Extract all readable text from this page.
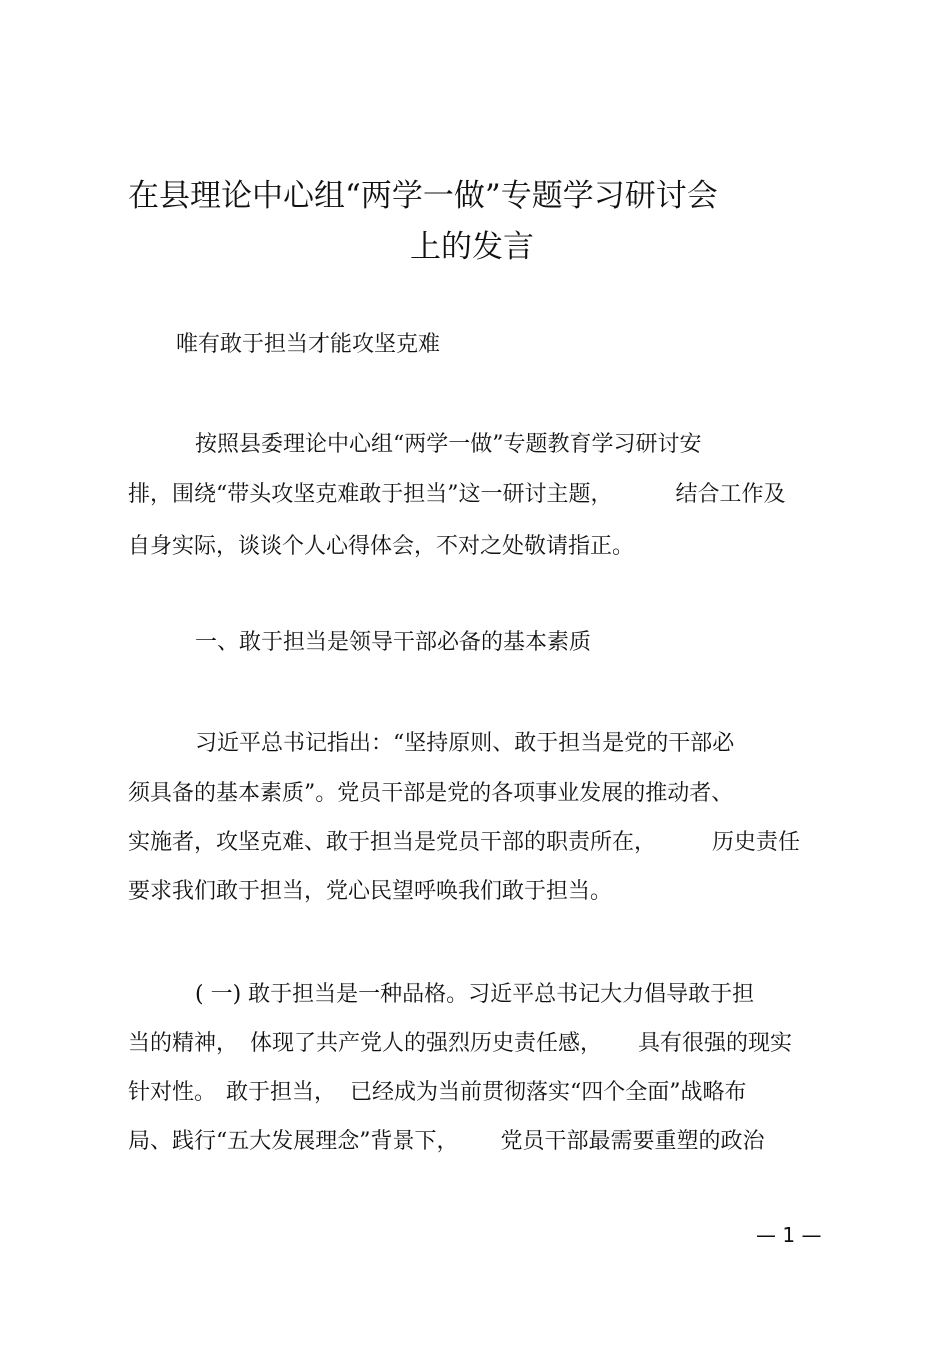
在县理论中心组“两学一做”专题学习研讨会
上的发言
唯有敢于担当才能攻坚克难
按照县委理论中心组“两学一做”专题教育学习研讨安
排，围绕“带头攻坚克难敢于担当”这一研讨主题，	结合工作及
自身实际，谈谈个人心得体会，不对之处敬请指正。
一、敢于担当是领导干部必备的基本素质
习近平总书记指出：“坚持原则、敢于担当是党的干部必
须具备的基本素质”。党员干部是党的各项事业发展的推动者、
实施者，攻坚克难、敢于担当是党员干部的职责所在，	历史责任
要求我们敢于担当，党心民望呼唤我们敢于担当。
( 一) 敢于担当是一种品格。习近平总书记大力倡导敢于担
当的精神， 体现了共产党人的强烈历史责任感， 具有很强的现实
针对性。 敢于担当， 已经成为当前贯彻落实“四个全面”战略布
局、践行“五大发展理念”背景下， 党员干部最需要重塑的政治
— 1 —
